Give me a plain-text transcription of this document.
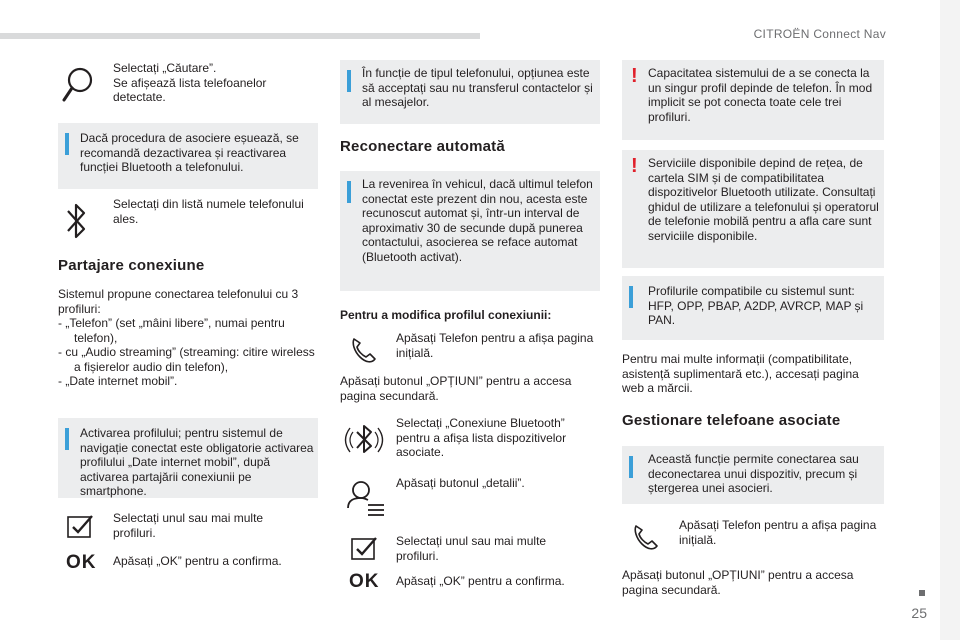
CITROËN Connect Nav
25
Selectați „Căutare”.
Se afișează lista telefoanelor detectate.
Dacă procedura de asociere eșuează, se recomandă dezactivarea și reactivarea funcției Bluetooth a telefonului.
Selectați din listă numele telefonului ales.
Partajare conexiune
Sistemul propune conectarea telefonului cu 3 profiluri:
- „Telefon” (set „mâini libere”, numai pentru telefon),
- cu „Audio streaming” (streaming: citire wireless a fișierelor audio din telefon),
- „Date internet mobil”.
Activarea profilului; pentru sistemul de navigație conectat este obligatorie activarea profilului „Date internet mobil”, după activarea partajării conexiunii pe smartphone.
Selectați unul sau mai multe profiluri.
OK Apăsați „OK” pentru a confirma.
În funcție de tipul telefonului, opțiunea este să acceptați sau nu transferul contactelor și al mesajelor.
Reconectare automată
La revenirea în vehicul, dacă ultimul telefon conectat este prezent din nou, acesta este recunoscut automat și, într-un interval de aproximativ 30 de secunde după punerea contactului, asocierea se reface automat (Bluetooth activat).
Pentru a modifica profilul conexiunii:
Apăsați Telefon pentru a afișa pagina inițială.
Apăsați butonul „OPȚIUNI” pentru a accesa pagina secundară.
Selectați „Conexiune Bluetooth” pentru a afișa lista dispozitivelor asociate.
Apăsați butonul „detalii”.
Selectați unul sau mai multe profiluri.
OK Apăsați „OK” pentru a confirma.
! Capacitatea sistemului de a se conecta la un singur profil depinde de telefon. În mod implicit se pot conecta toate cele trei profiluri.
! Serviciile disponibile depind de rețea, de cartela SIM și de compatibilitatea dispozitivelor Bluetooth utilizate. Consultați ghidul de utilizare a telefonului și operatorul de telefonie mobilă pentru a afla care sunt serviciile disponibile.
Profilurile compatibile cu sistemul sunt: HFP, OPP, PBAP, A2DP, AVRCP, MAP și PAN.
Pentru mai multe informații (compatibilitate, asistență suplimentară etc.), accesați pagina web a mărcii.
Gestionare telefoane asociate
Această funcție permite conectarea sau deconectarea unui dispozitiv, precum și ștergerea unei asocieri.
Apăsați Telefon pentru a afișa pagina inițială.
Apăsați butonul „OPȚIUNI” pentru a accesa pagina secundară.
